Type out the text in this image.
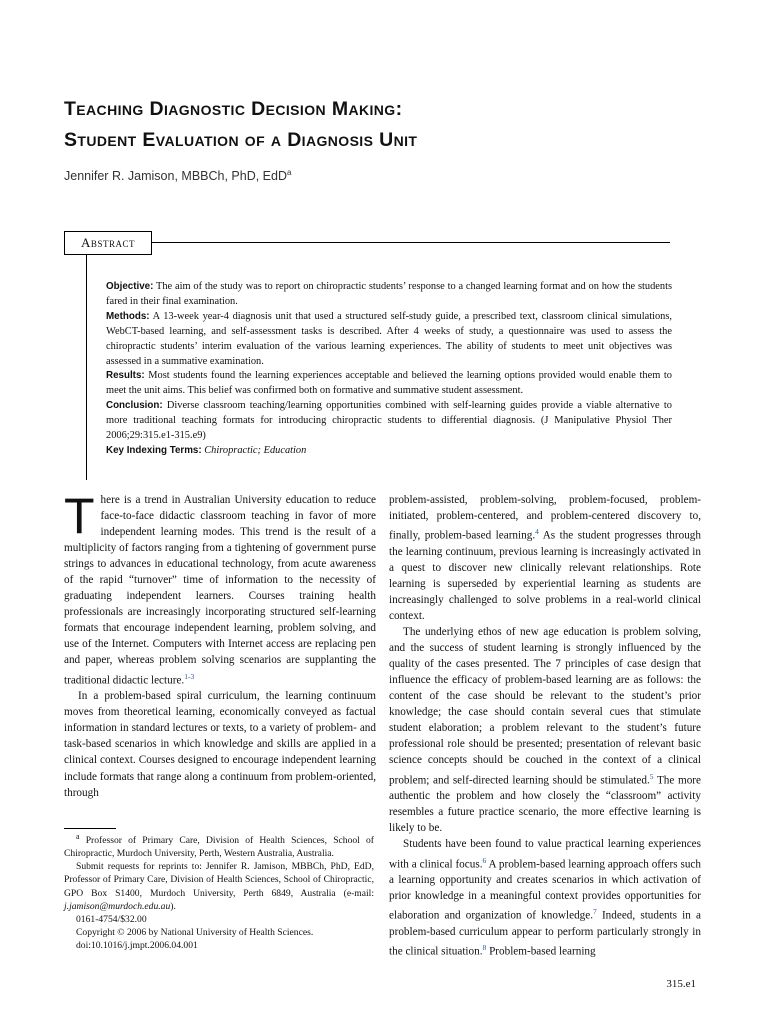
Teaching Diagnostic Decision Making:
Student Evaluation of a Diagnosis Unit
Jennifer R. Jamison, MBBCh, PhD, EdD$^a$
Abstract

Objective: The aim of the study was to report on chiropractic students’ response to a changed learning format and on how the students fared in their final examination.

Methods: A 13-week year-4 diagnosis unit that used a structured self-study guide, a prescribed text, classroom clinical simulations, WebCT-based learning, and self-assessment tasks is described. After 4 weeks of study, a questionnaire was used to assess the chiropractic students’ interim evaluation of the various learning experiences. The ability of students to meet unit objectives was assessed in a summative examination.

Results: Most students found the learning experiences acceptable and believed the learning options provided would enable them to meet the unit aims. This belief was confirmed both on formative and summative student assessment.

Conclusion: Diverse classroom teaching/learning opportunities combined with self-learning guides provide a viable alternative to more traditional teaching formats for introducing chiropractic students to differential diagnosis. (J Manipulative Physiol Ther 2006;29:315.e1-315.e9)

Key Indexing Terms: Chiropractic; Education

There is a trend in Australian University education to reduce face-to-face didactic classroom teaching in favor of more independent learning modes. This trend is the result of a multiplicity of factors ranging from a tightening of government purse strings to advances in educational technology, from acute awareness of the rapid “turnover” time of information to the necessity of graduating independent learners. Courses training health professionals are increasingly incorporating structured self-learning formats that encourage independent learning, problem solving, and use of the Internet. Computers with Internet access are replacing pen and paper, whereas problem solving scenarios are supplanting the traditional didactic lecture.$^{1-3}$

In a problem-based spiral curriculum, the learning continuum moves from theoretical learning, economically conveyed as factual information in standard lectures or texts, to a variety of problem- and task-based scenarios in which knowledge and skills are applied in a clinical context. Courses designed to encourage independent learning include formats that range along a continuum from problem-oriented, through

problem-assisted, problem-solving, problem-focused, problem-initiated, problem-centered, and problem-centered discovery to, finally, problem-based learning.$^4$ As the student progresses through the learning continuum, previous learning is increasingly activated in a quest to discover new clinically relevant relationships. Rote learning is superseded by experiential learning as students are increasingly challenged to solve problems in a real-world clinical context.

The underlying ethos of new age education is problem solving, and the success of student learning is strongly influenced by the quality of the cases presented. The 7 principles of case design that influence the efficacy of problem-based learning are as follows: the content of the case should be relevant to the student’s prior knowledge; the case should contain several cues that stimulate student elaboration; a problem relevant to the student’s future professional role should be presented; presentation of relevant basic science concepts should be couched in the context of a clinical problem; and self-directed learning should be stimulated.$^5$ The more authentic the problem and how closely the “classroom” activity resembles a future practice scenario, the more effective learning is likely to be.

Students have been found to value practical learning experiences with a clinical focus.$^6$ A problem-based learning approach offers such a learning opportunity and creates scenarios in which activation of prior knowledge in a meaningful context provides opportunities for elaboration and organization of knowledge.$^7$ Indeed, students in a problem-based curriculum appear to perform particularly strongly in the clinical situation.$^8$ Problem-based learning

$^a$ Professor of Primary Care, Division of Health Sciences, School of Chiropractic, Murdoch University, Perth, Western Australia, Australia.

Submit requests for reprints to: Jennifer R. Jamison, MBBCh, PhD, EdD, Professor of Primary Care, Division of Health Sciences, School of Chiropractic, GPO Box S1400, Murdoch University, Perth 6849, Australia (e-mail: j.jamison@murdoch.edu.au).

0161-4754/$32.00

Copyright © 2006 by National University of Health Sciences.

doi:10.1016/j.jmpt.2006.04.001

315.e1
